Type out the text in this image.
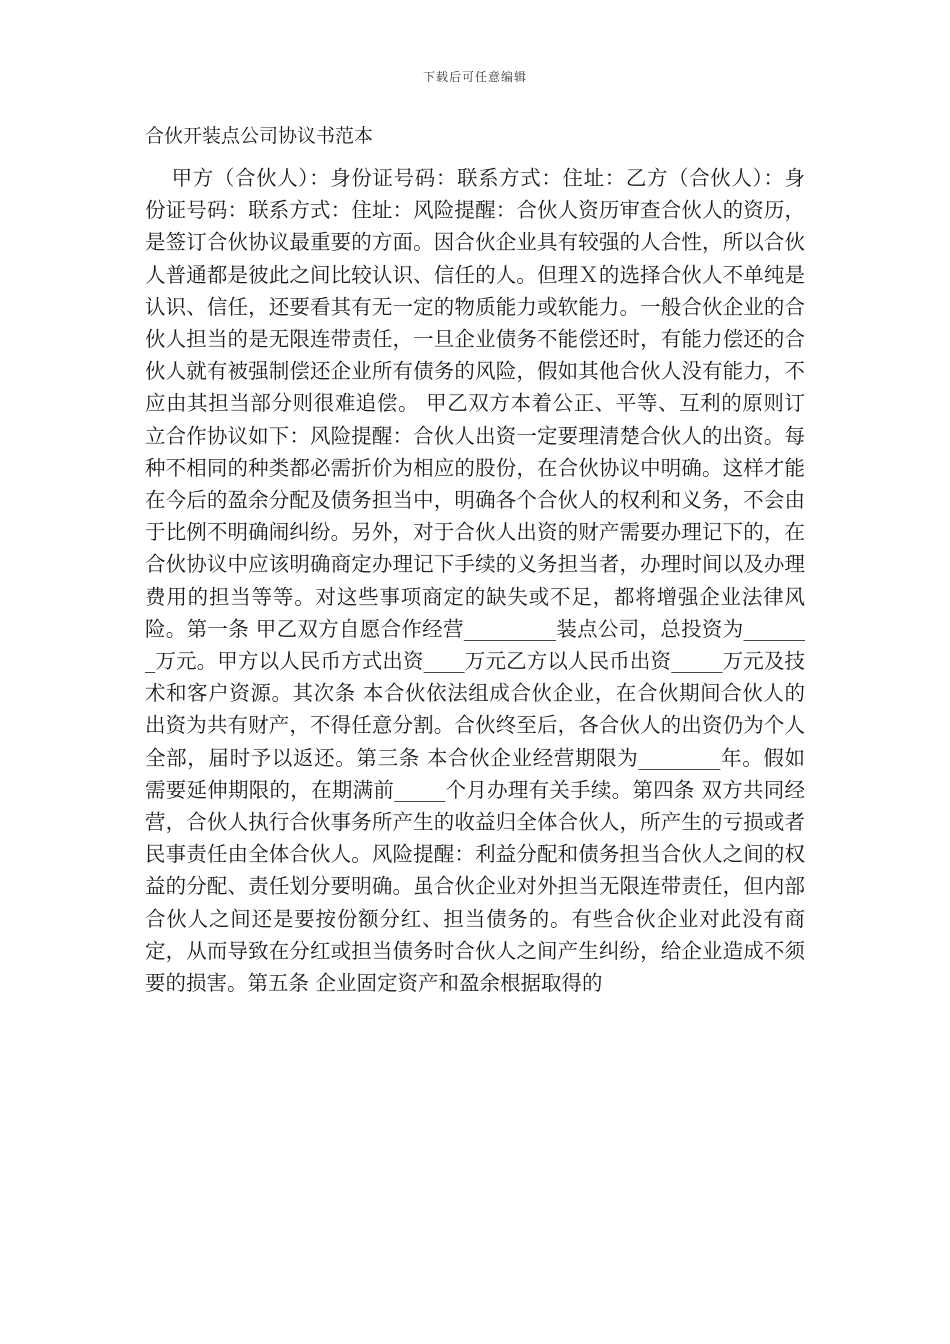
下载后可任意编辑
合伙开装点公司协议书范本

甲方（合伙人）：身份证号码：联系方式：住址：乙方（合伙人）：身份证号码：联系方式：住址：风险提醒：合伙人资历审查合伙人的资历，是签订合伙协议最重要的方面。因合伙企业具有较强的人合性，所以合伙人普通都是彼此之间比较认识、信任的人。但理Ｘ的选择合伙人不单纯是认识、信任，还要看其有无一定的物质能力或软能力。一般合伙企业的合伙人担当的是无限连带责任，一旦企业债务不能偿还时，有能力偿还的合伙人就有被强制偿还企业所有债务的风险，假如其他合伙人没有能力，不应由其担当部分则很难追偿。 甲乙双方本着公正、平等、互利的原则订立合作协议如下：风险提醒：合伙人出资一定要理清楚合伙人的出资。每种不相同的种类都必需折价为相应的股份，在合伙协议中明确。这样才能在今后的盈余分配及债务担当中，明确各个合伙人的权利和义务，不会由于比例不明确闹纠纷。另外，对于合伙人出资的财产需要办理记下的，在合伙协议中应该明确商定办理记下手续的义务担当者，办理时间以及办理费用的担当等等。对这些事项商定的缺失或不足，都将增强企业法律风险。第一条 甲乙双方自愿合作经营_________装点公司，总投资为_______万元。甲方以人民币方式出资____万元乙方以人民币出资_____万元及技术和客户资源。其次条 本合伙依法组成合伙企业，在合伙期间合伙人的出资为共有财产，不得任意分割。合伙终至后，各合伙人的出资仍为个人全部，届时予以返还。第三条 本合伙企业经营期限为________年。假如需要延伸期限的，在期满前_____个月办理有关手续。第四条 双方共同经营，合伙人执行合伙事务所产生的收益归全体合伙人，所产生的亏损或者民事责任由全体合伙人。风险提醒：利益分配和债务担当合伙人之间的权益的分配、责任划分要明确。虽合伙企业对外担当无限连带责任，但内部合伙人之间还是要按份额分红、担当债务的。有些合伙企业对此没有商定，从而导致在分红或担当债务时合伙人之间产生纠纷，给企业造成不须要的损害。第五条 企业固定资产和盈余根据取得的
